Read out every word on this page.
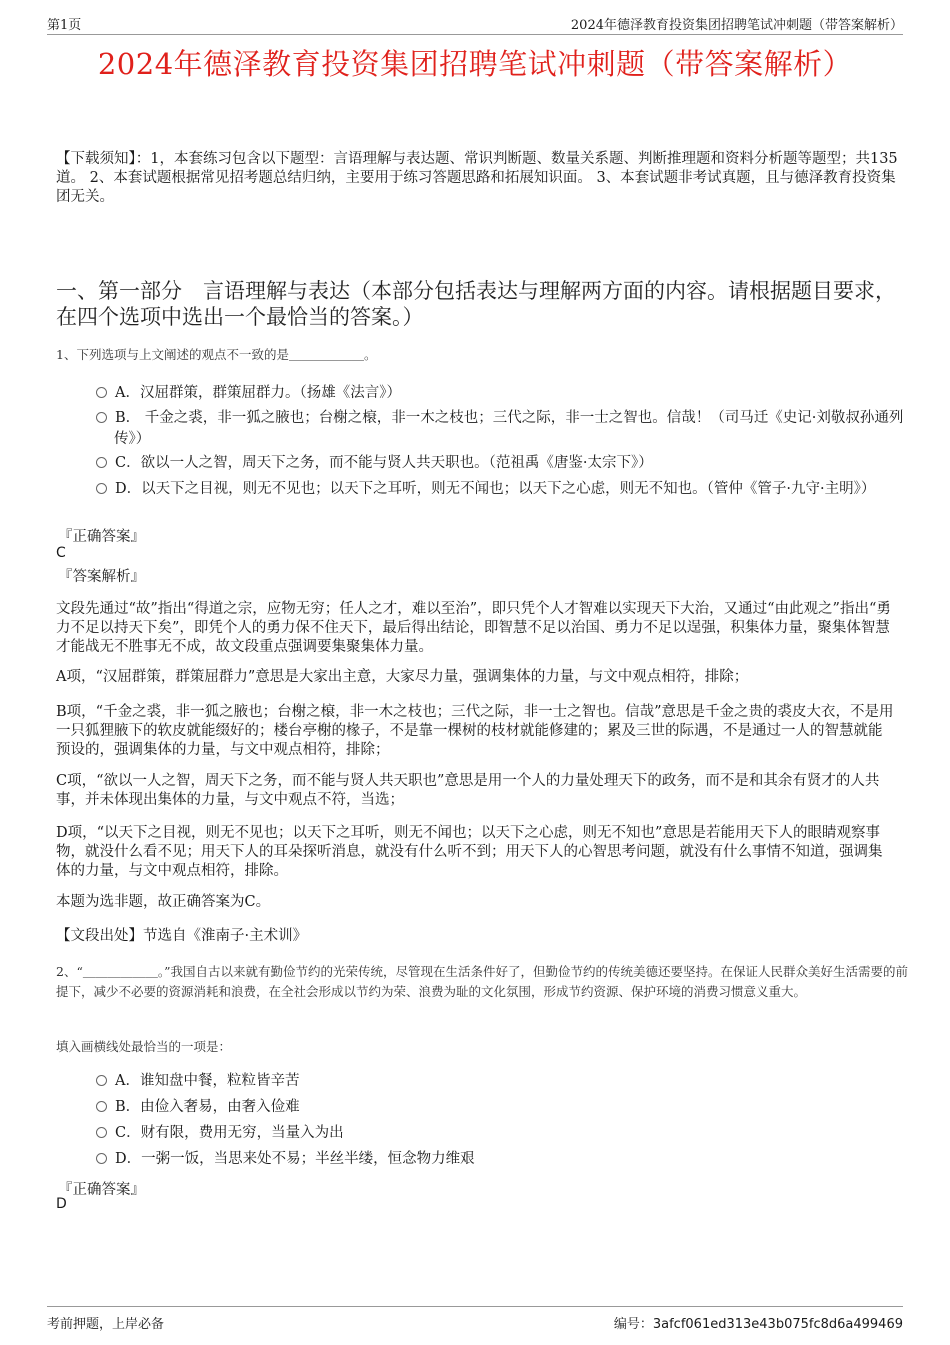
第1页	2024年德泽教育投资集团招聘笔试冲刺题（带答案解析）
2024年德泽教育投资集团招聘笔试冲刺题（带答案解析）
【下载须知】：1，本套练习包含以下题型：言语理解与表达题、常识判断题、数量关系题、判断推理题和资料分析题等题型；共135道。 2、本套试题根据常见招考题总结归纳，主要用于练习答题思路和拓展知识面。 3、本套试题非考试真题，且与德泽教育投资集团无关。
一、第一部分　言语理解与表达（本部分包括表达与理解两方面的内容。请根据题目要求，在四个选项中选出一个最恰当的答案。）
1、下列选项与上文阐述的观点不一致的是＿＿＿＿＿＿。
A．汉屈群策，群策屈群力。（扬雄《法言》）
B． 千金之裘，非一狐之腋也；台榭之榱，非一木之枝也；三代之际，非一士之智也。信哉！（司马迁《史记·刘敬叔孙通列传》）
C．欲以一人之智，周天下之务，而不能与贤人共天职也。（范祖禹《唐鉴·太宗下》）
D．以天下之目视，则无不见也；以天下之耳听，则无不闻也；以天下之心虑，则无不知也。（管仲《管子·九守·主明》）
『正确答案』
C
『答案解析』
文段先通过“故”指出“得道之宗，应物无穷；任人之才，难以至治”，即只凭个人才智难以实现天下大治，又通过“由此观之”指出“勇力不足以持天下矣”，即凭个人的勇力保不住天下，最后得出结论，即智慧不足以治国、勇力不足以逞强，积集体力量，聚集体智慧才能战无不胜事无不成，故文段重点强调要集聚集体力量。
A项，“汉屈群策，群策屈群力”意思是大家出主意，大家尽力量，强调集体的力量，与文中观点相符，排除；
B项，“千金之裘，非一狐之腋也；台榭之榱，非一木之枝也；三代之际，非一士之智也。信哉”意思是千金之贵的裘皮大衣，不是用一只狐狸腋下的软皮就能缀好的；楼台亭榭的椽子，不是靠一棵树的枝材就能修建的；累及三世的际遇，不是通过一人的智慧就能预设的，强调集体的力量，与文中观点相符，排除；
C项，“欲以一人之智，周天下之务，而不能与贤人共天职也”意思是用一个人的力量处理天下的政务，而不是和其余有贤才的人共事，并未体现出集体的力量，与文中观点不符，当选；
D项，“以天下之目视，则无不见也；以天下之耳听，则无不闻也；以天下之心虑，则无不知也”意思是若能用天下人的眼睛观察事物，就没什么看不见；用天下人的耳朵探听消息，就没有什么听不到；用天下人的心智思考问题，就没有什么事情不知道，强调集体的力量，与文中观点相符，排除。
本题为选非题，故正确答案为C。
【文段出处】节选自《淮南子·主术训》
2、“＿＿＿＿＿＿。”我国自古以来就有勤俭节约的光荣传统，尽管现在生活条件好了，但勤俭节约的传统美德还要坚持。在保证人民群众美好生活需要的前提下，减少不必要的资源消耗和浪费，在全社会形成以节约为荣、浪费为耻的文化氛围，形成节约资源、保护环境的消费习惯意义重大。
填入画横线处最恰当的一项是：
A．谁知盘中餐，粒粒皆辛苦
B．由俭入奢易，由奢入俭难
C．财有限，费用无穷，当量入为出
D．一粥一饭，当思来处不易；半丝半缕，恒念物力维艰
『正确答案』
D
考前押题，上岸必备	编号：3afcf061ed313e43b075fc8d6a499469
